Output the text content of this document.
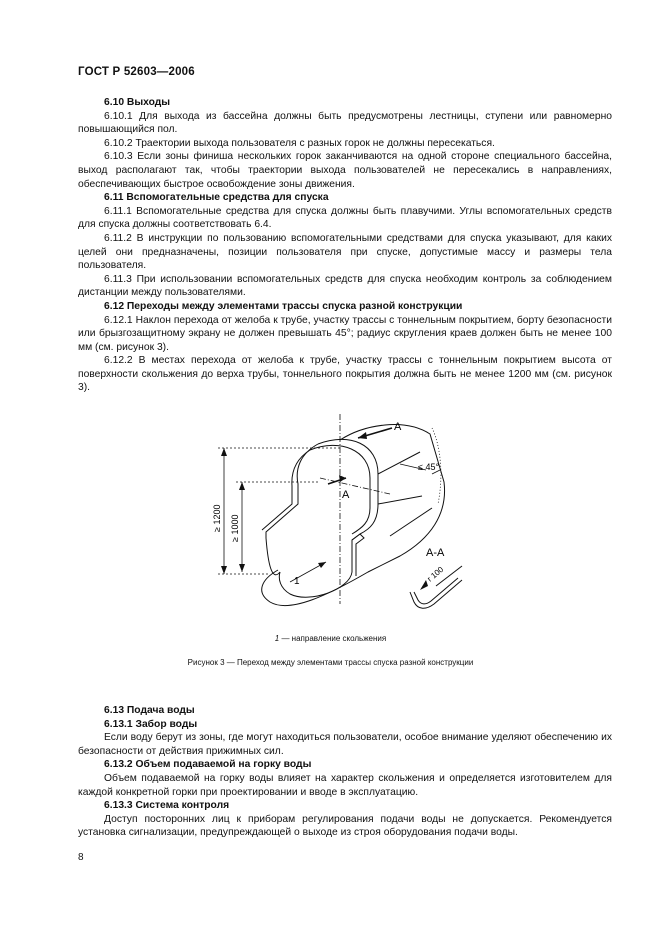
ГОСТ Р 52603—2006
6.10 Выходы
6.10.1 Для выхода из бассейна должны быть предусмотрены лестницы, ступени или равномерно повышающийся пол.
6.10.2 Траектории выхода пользователя с разных горок не должны пересекаться.
6.10.3 Если зоны финиша нескольких горок заканчиваются на одной стороне специального бассейна, выход располагают так, чтобы траектории выхода пользователей не пересекались в направлениях, обеспечивающих быстрое освобождение зоны движения.
6.11 Вспомогательные средства для спуска
6.11.1 Вспомогательные средства для спуска должны быть плавучими. Углы вспомогательных средств для спуска должны соответствовать 6.4.
6.11.2 В инструкции по пользованию вспомогательными средствами для спуска указывают, для каких целей они предназначены, позиции пользователя при спуске, допустимые массу и размеры тела пользователя.
6.11.3 При использовании вспомогательных средств для спуска необходим контроль за соблюдением дистанции между пользователями.
6.12 Переходы между элементами трассы спуска разной конструкции
6.12.1 Наклон перехода от желоба к трубе, участку трассы с тоннельным покрытием, борту безопасности или брызгозащитному экрану не должен превышать 45°; радиус скругления краев должен быть не менее 100 мм (см. рисунок 3).
6.12.2 В местах перехода от желоба к трубе, участку трассы с тоннельным покрытием высота от поверхности скольжения до верха трубы, тоннельного покрытия должна быть не менее 1200 мм (см. рисунок 3).
A
A
≤ 45°
≥ 1200 ≥ 1000
A-A
r 100
1
1 — направление скольжения
Рисунок 3 — Переход между элементами трассы спуска разной конструкции
6.13 Подача воды
6.13.1 Забор воды
Если воду берут из зоны, где могут находиться пользователи, особое внимание уделяют обеспечению их безопасности от действия прижимных сил.
6.13.2 Объем подаваемой на горку воды
Объем подаваемой на горку воды влияет на характер скольжения и определяется изготовителем для каждой конкретной горки при проектировании и вводе в эксплуатацию.
6.13.3 Система контроля
Доступ посторонних лиц к приборам регулирования подачи воды не допускается. Рекомендуется установка сигнализации, предупреждающей о выходе из строя оборудования подачи воды.
8
